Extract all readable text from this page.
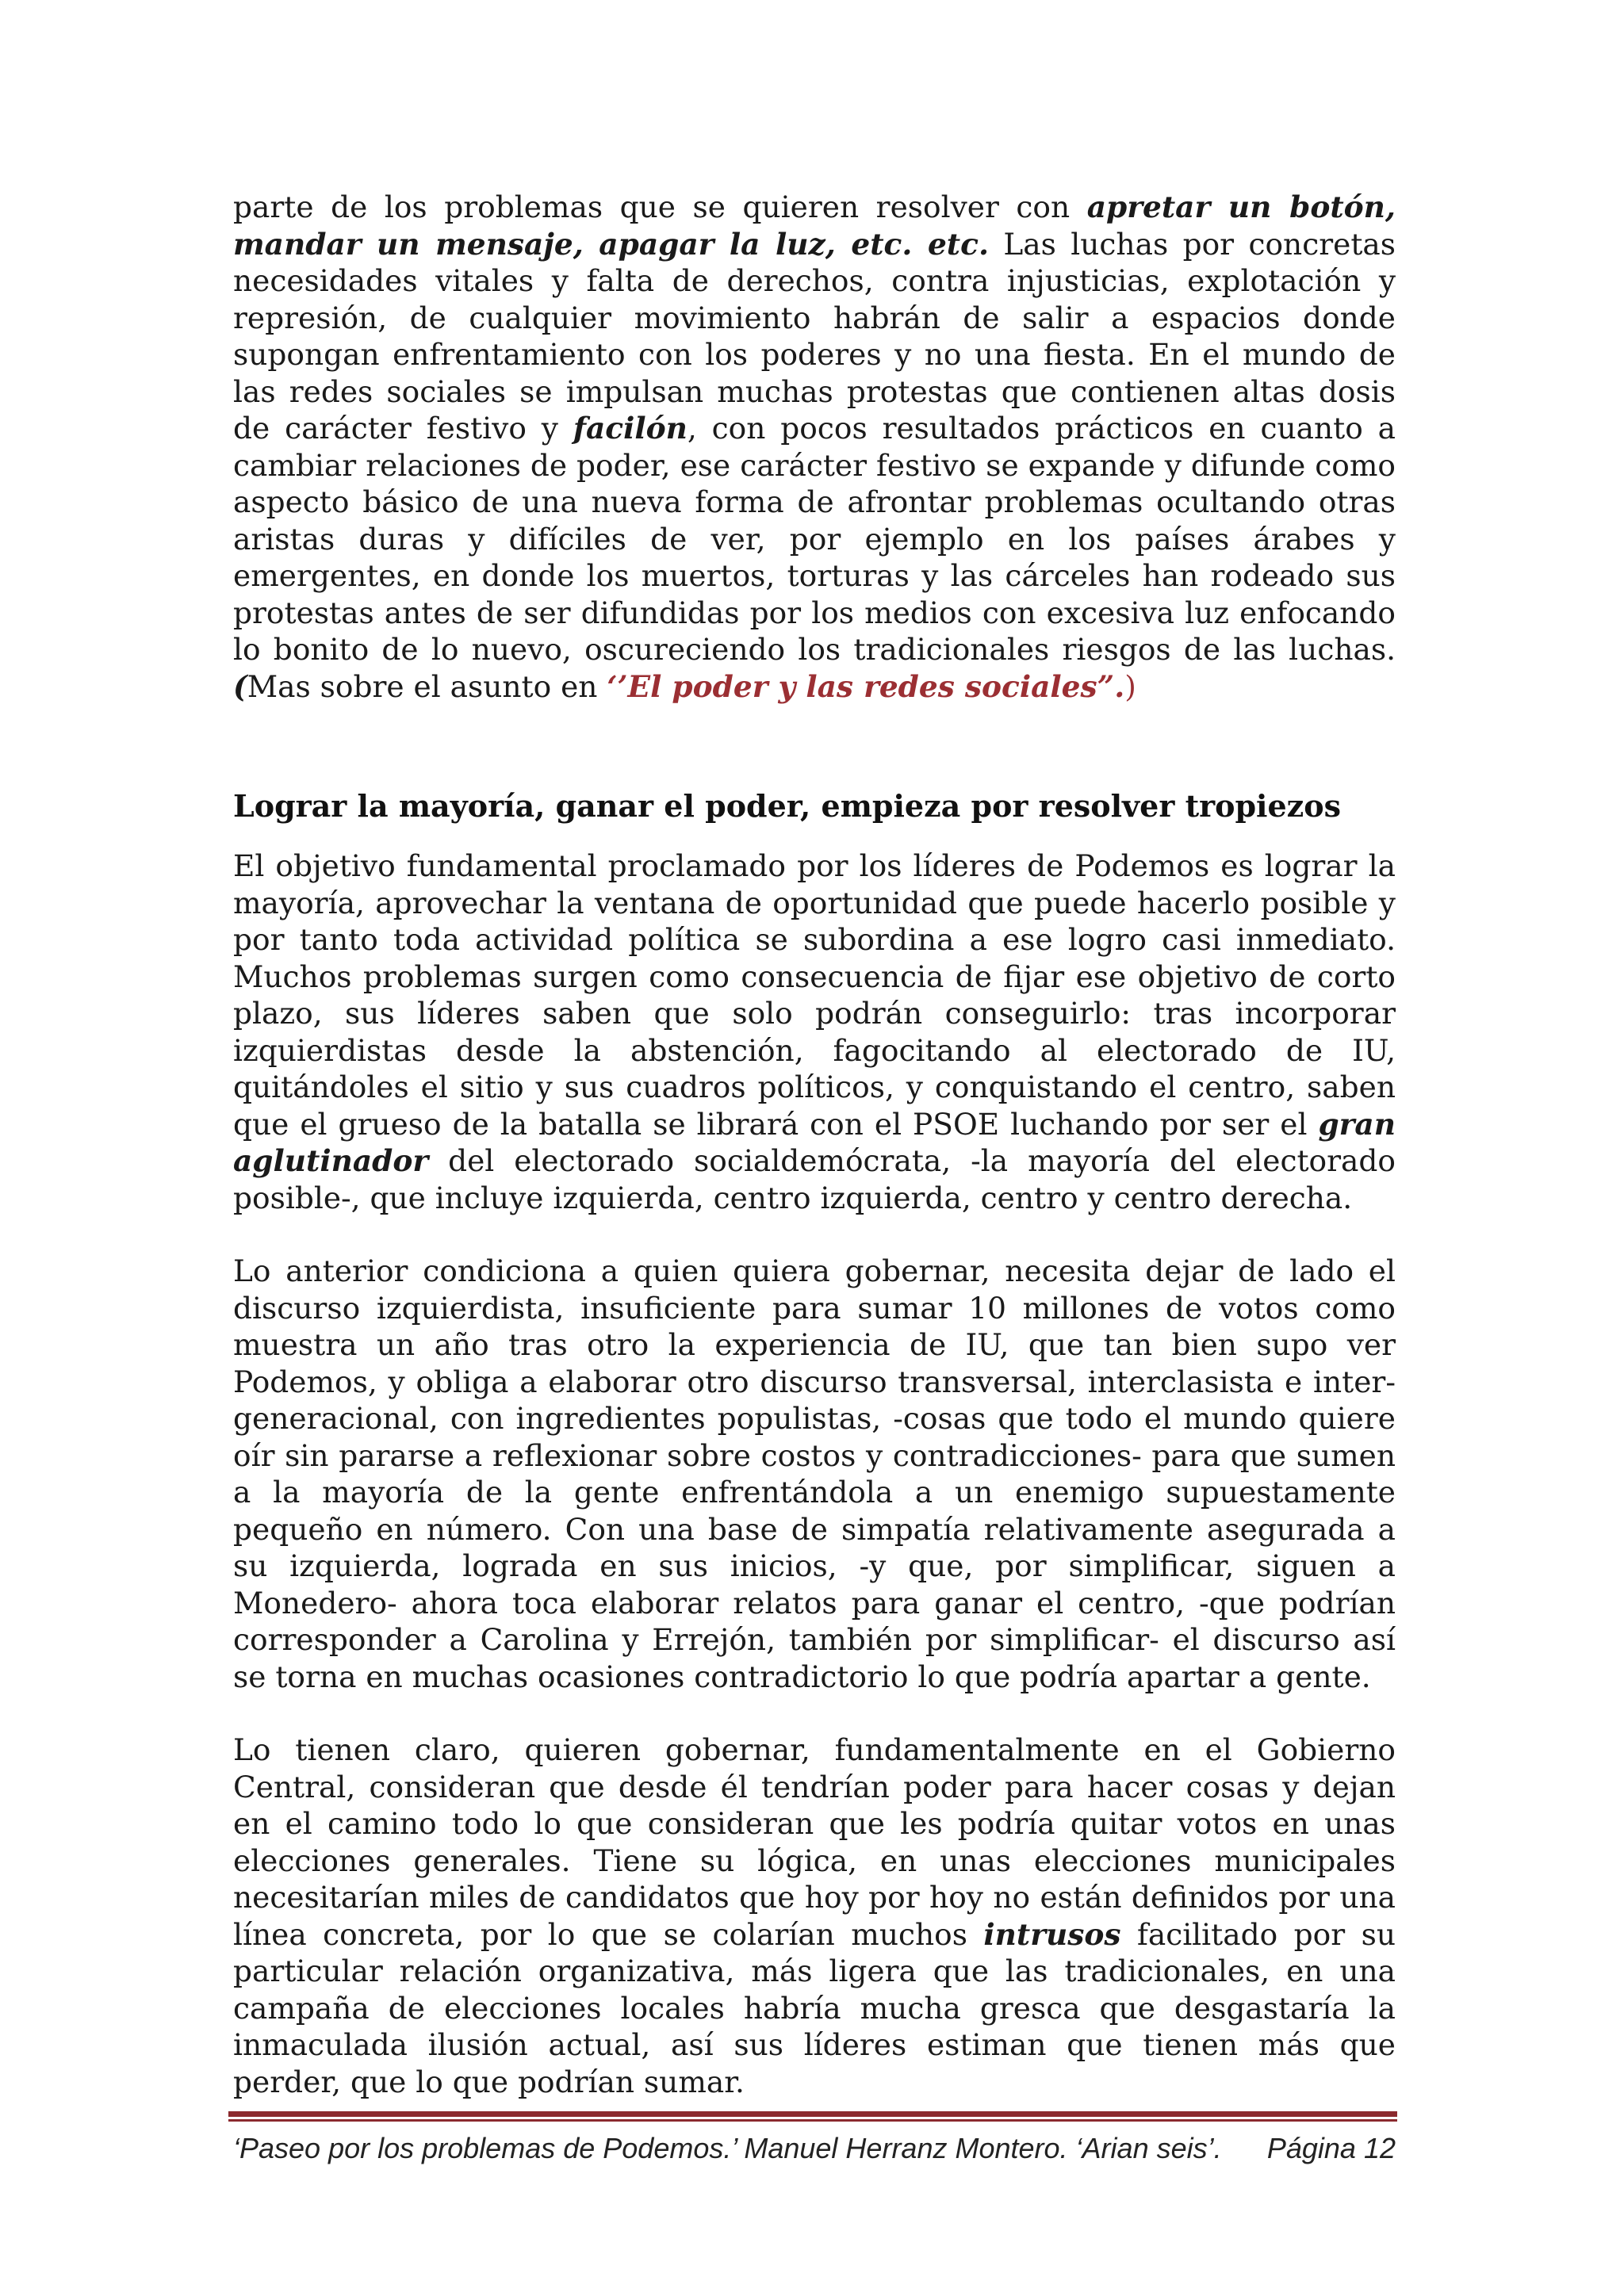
parte de los problemas que se quieren resolver con apretar un botón, mandar un mensaje, apagar la luz, etc. etc. Las luchas por concretas necesidades vitales y falta de derechos, contra injusticias, explotación y represión, de cualquier movimiento habrán de salir a espacios donde supongan enfrentamiento con los poderes y no una fiesta. En el mundo de las redes sociales se impulsan muchas protestas que contienen altas dosis de carácter festivo y facilón, con pocos resultados prácticos en cuanto a cambiar relaciones de poder, ese carácter festivo se expande y difunde como aspecto básico de una nueva forma de afrontar problemas ocultando otras aristas duras y difíciles de ver, por ejemplo en los países árabes y emergentes, en donde los muertos, torturas y las cárceles han rodeado sus protestas antes de ser difundidas por los medios con excesiva luz enfocando lo bonito de lo nuevo, oscureciendo los tradicionales riesgos de las luchas. (Mas sobre el asunto en ‘’El poder y las redes sociales”.)

Lograr la mayoría, ganar el poder, empieza por resolver tropiezos

El objetivo fundamental proclamado por los líderes de Podemos es lograr la mayoría, aprovechar la ventana de oportunidad que puede hacerlo posible y por tanto toda actividad política se subordina a ese logro casi inmediato. Muchos problemas surgen como consecuencia de fijar ese objetivo de corto plazo, sus líderes saben que solo podrán conseguirlo: tras incorporar izquierdistas desde la abstención, fagocitando al electorado de IU, quitándoles el sitio y sus cuadros políticos, y conquistando el centro, saben que el grueso de la batalla se librará con el PSOE luchando por ser el gran aglutinador del electorado socialdemócrata, -la mayoría del electorado posible-, que incluye izquierda, centro izquierda, centro y centro derecha.

Lo anterior condiciona a quien quiera gobernar, necesita dejar de lado el discurso izquierdista, insuficiente para sumar 10 millones de votos como muestra un año tras otro la experiencia de IU, que tan bien supo ver Podemos, y obliga a elaborar otro discurso transversal, interclasista e inter-generacional, con ingredientes populistas, -cosas que todo el mundo quiere oír sin pararse a reflexionar sobre costos y contradicciones- para que sumen a la mayoría de la gente enfrentándola a un enemigo supuestamente pequeño en número. Con una base de simpatía relativamente asegurada a su izquierda, lograda en sus inicios, -y que, por simplificar, siguen a Monedero- ahora toca elaborar relatos para ganar el centro, -que podrían corresponder a Carolina y Errejón, también por simplificar- el discurso así se torna en muchas ocasiones contradictorio lo que podría apartar a gente.

Lo tienen claro, quieren gobernar, fundamentalmente en el Gobierno Central, consideran que desde él tendrían poder para hacer cosas y dejan en el camino todo lo que consideran que les podría quitar votos en unas elecciones generales. Tiene su lógica, en unas elecciones municipales necesitarían miles de candidatos que hoy por hoy no están definidos por una línea concreta, por lo que se colarían muchos intrusos facilitado por su particular relación organizativa, más ligera que las tradicionales, en una campaña de elecciones locales habría mucha gresca que desgastaría la inmaculada ilusión actual, así sus líderes estiman que tienen más que perder, que lo que podrían sumar.

‘Paseo por los problemas de Podemos.’ Manuel Herranz Montero. ‘Arian seis’. Página 12
